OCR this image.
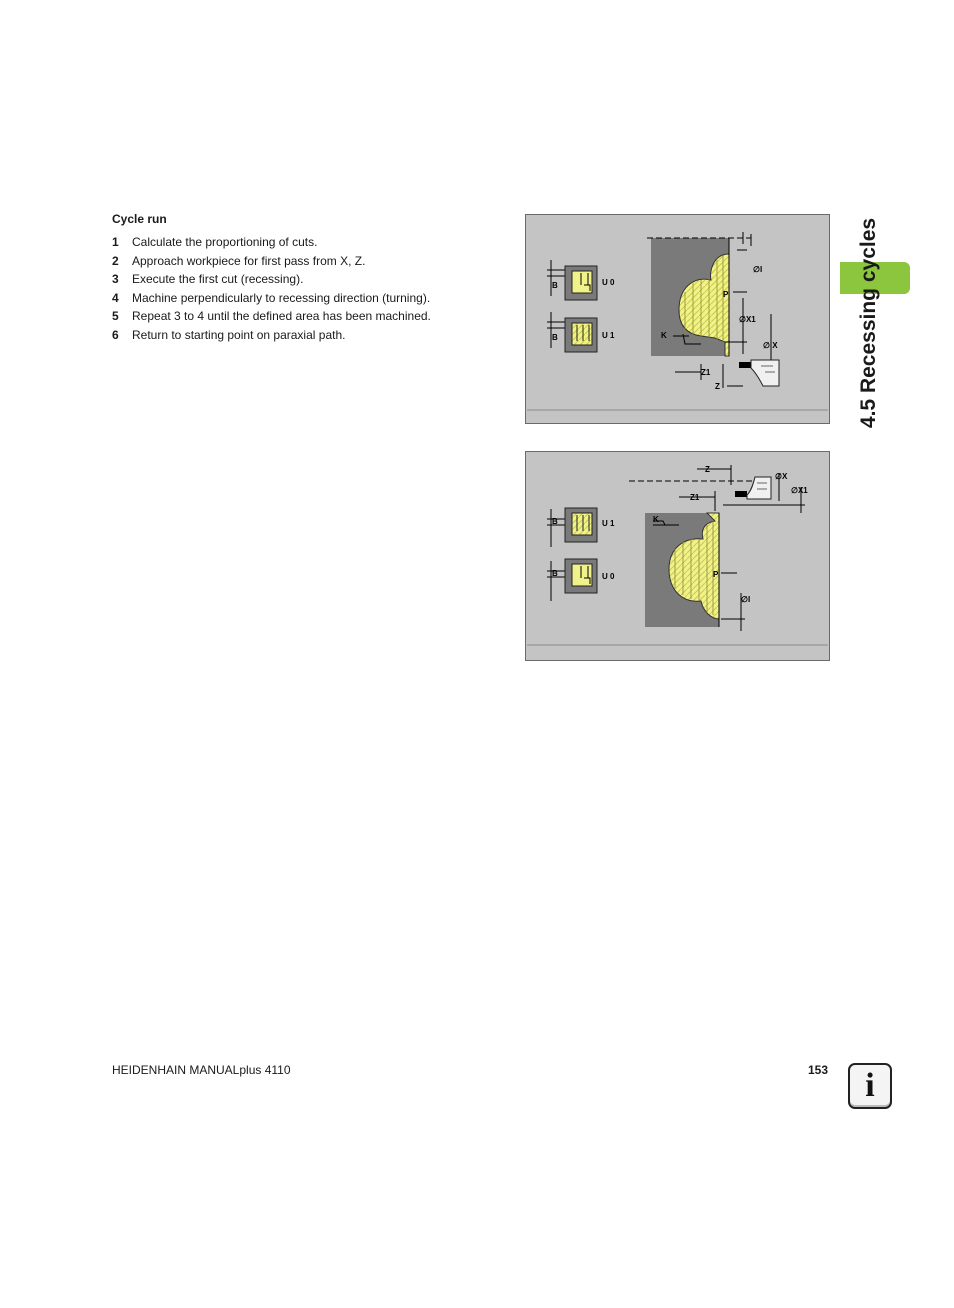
Cycle run
1 Calculate the proportioning of cuts.
2 Approach workpiece for first pass from X, Z.
3 Execute the first cut (recessing).
4 Machine perpendicularly to recessing direction (turning).
5 Repeat 3 to 4 until the defined area has been machined.
6 Return to starting point on paraxial path.
B	U 0
B	U 1
∅I
P
∅X1
K
∅ X
Z1
Z
B	U 1
B	U 0
Z
∅X
Z1
∅X1
K
P
∅I
4.5 Recessing cycles
HEIDENHAIN MANUALplus 4110	153	i
